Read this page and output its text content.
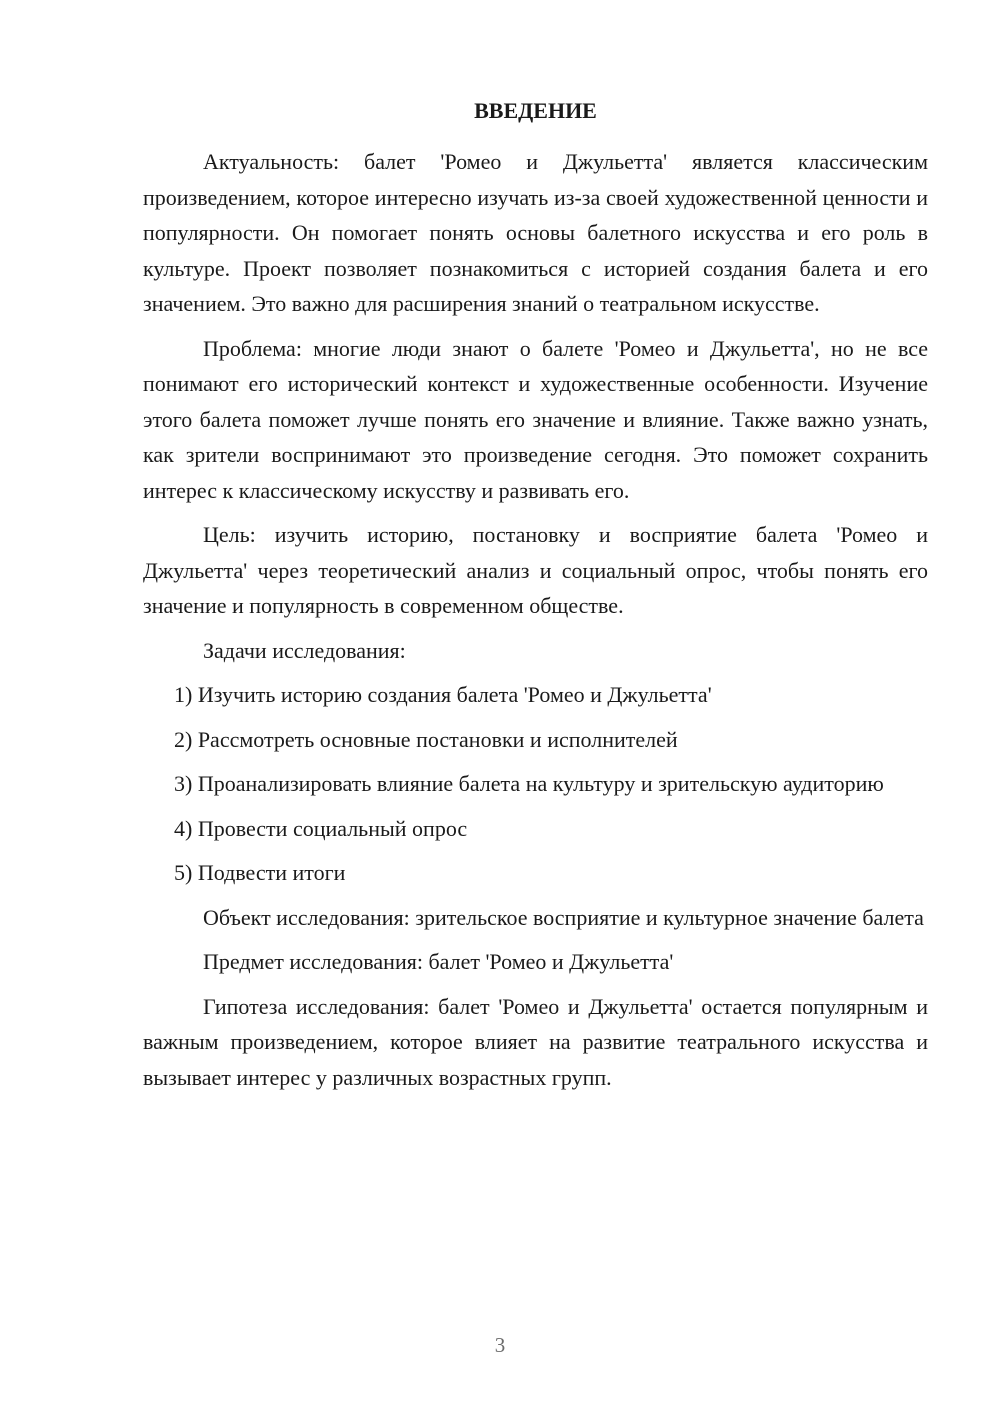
ВВЕДЕНИЕ

Актуальность: балет 'Ромео и Джульетта' является классическим произведением, которое интересно изучать из-за своей художественной ценности и популярности. Он помогает понять основы балетного искусства и его роль в культуре. Проект позволяет познакомиться с историей создания балета и его значением. Это важно для расширения знаний о театральном искусстве.

Проблема: многие люди знают о балете 'Ромео и Джульетта', но не все понимают его исторический контекст и художественные особенности. Изучение этого балета поможет лучше понять его значение и влияние. Также важно узнать, как зрители воспринимают это произведение сегодня. Это поможет сохранить интерес к классическому искусству и развивать его.

Цель: изучить историю, постановку и восприятие балета 'Ромео и Джульетта' через теоретический анализ и социальный опрос, чтобы понять его значение и популярность в современном обществе.

Задачи исследования:

1) Изучить историю создания балета 'Ромео и Джульетта'

2) Рассмотреть основные постановки и исполнителей

3) Проанализировать влияние балета на культуру и зрительскую аудиторию

4) Провести социальный опрос

5) Подвести итоги

Объект исследования: зрительское восприятие и культурное значение балета

Предмет исследования: балет 'Ромео и Джульетта'

Гипотеза исследования: балет 'Ромео и Джульетта' остается популярным и важным произведением, которое влияет на развитие театрального искусства и вызывает интерес у различных возрастных групп.

3
